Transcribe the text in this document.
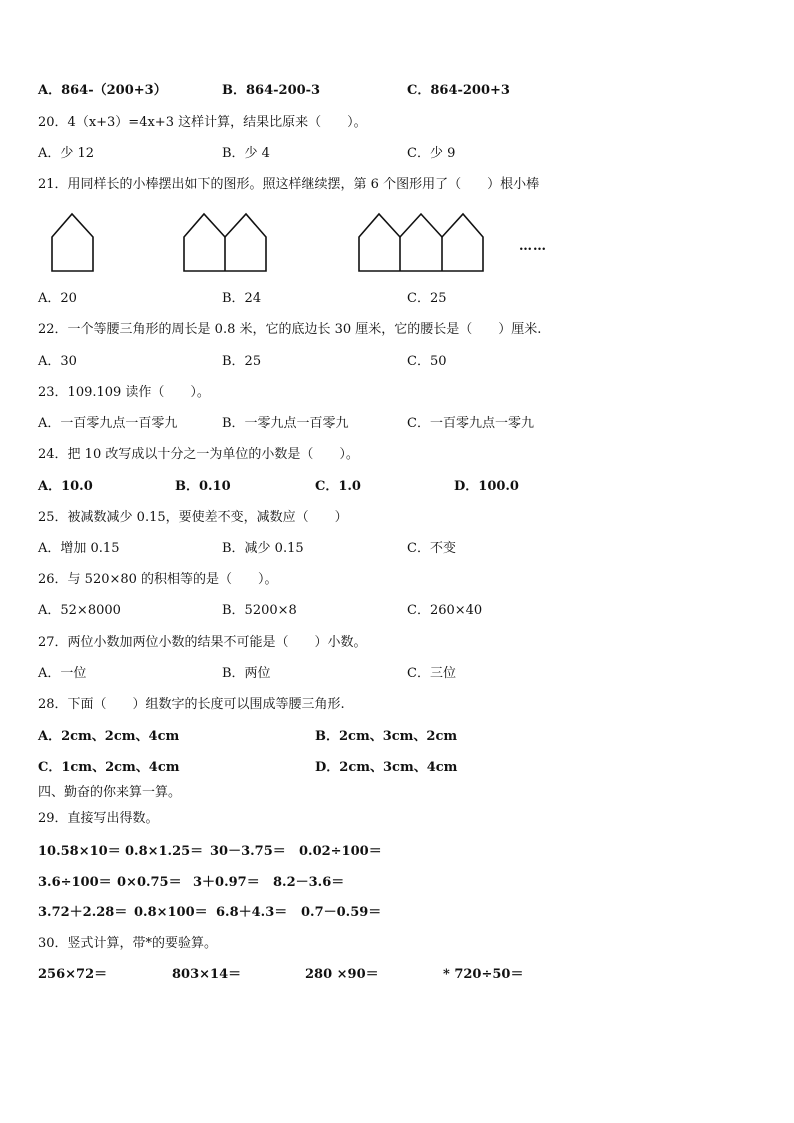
A．864-（200+3）	B．864-200-3	C．864-200+3
20．4（x+3）=4x+3 这样计算，结果比原来（　　）。
A．少 12	B．少 4	C．少 9
21．用同样长的小棒摆出如下的图形。照这样继续摆，第 6 个图形用了（　　）根小棒
……
A．20	B．24	C．25
22．一个等腰三角形的周长是 0.8 米，它的底边长 30 厘米，它的腰长是（　　）厘米.
A．30	B．25	C．50
23．109.109 读作（　　）。
A．一百零九点一百零九	B．一零九点一百零九	C．一百零九点一零九
24．把 10 改写成以十分之一为单位的小数是（　　）。
A．10.0	B．0.10	C．1.0	D．100.0
25．被减数减少 0.15，要使差不变，减数应（　　）
A．增加 0.15	B．减少 0.15	C．不变
26．与 520×80 的积相等的是（　　）。
A．52×8000	B．5200×8	C．260×40
27．两位小数加两位小数的结果不可能是（　　）小数。
A．一位	B．两位	C．三位
28．下面（　　）组数字的长度可以围成等腰三角形.
A．2cm、2cm、4cm	B．2cm、3cm、2cm
C．1cm、2cm、4cm	D．2cm、3cm、4cm
四、勤奋的你来算一算。
29．直接写出得数。
10.58×10＝ 0.8×1.25＝ 30－3.75＝ 0.02÷100＝
3.6÷100＝ 0×0.75＝ 3＋0.97＝ 8.2－3.6＝
3.72＋2.28＝ 0.8×100＝ 6.8＋4.3＝ 0.7－0.59＝
30．竖式计算，带*的要验算。
256×72＝	803×14＝	280 ×90＝	* 720÷50＝
